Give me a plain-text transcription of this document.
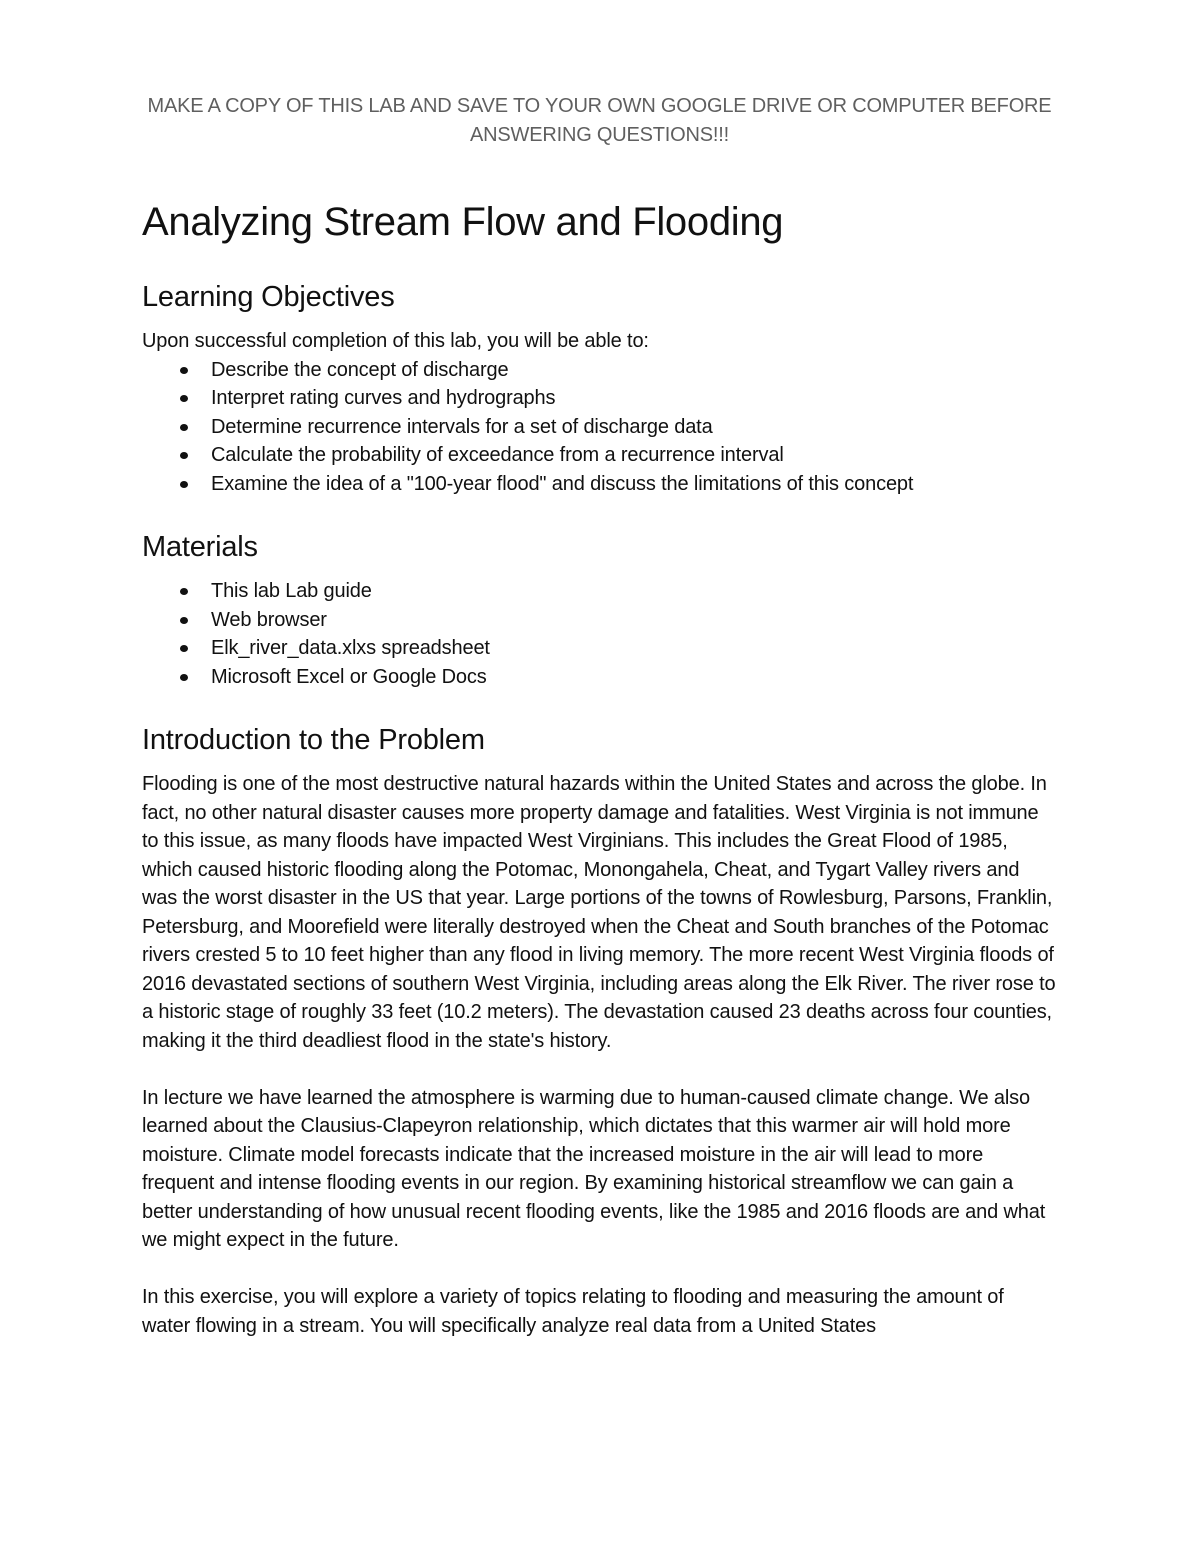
MAKE A COPY OF THIS LAB AND SAVE TO YOUR OWN GOOGLE DRIVE OR COMPUTER BEFORE ANSWERING QUESTIONS!!!

Analyzing Stream Flow and Flooding
Learning Objectives

Upon successful completion of this lab, you will be able to:

Describe the concept of discharge
Interpret rating curves and hydrographs
Determine recurrence intervals for a set of discharge data
Calculate the probability of exceedance from a recurrence interval
Examine the idea of a "100-year flood" and discuss the limitations of this concept
Materials
This lab Lab guide
Web browser
Elk_river_data.xlxs spreadsheet
Microsoft Excel or Google Docs
Introduction to the Problem

Flooding is one of the most destructive natural hazards within the United States and across the globe. In fact, no other natural disaster causes more property damage and fatalities. West Virginia is not immune to this issue, as many floods have impacted West Virginians. This includes the Great Flood of 1985, which caused historic flooding along the Potomac, Monongahela, Cheat, and Tygart Valley rivers and was the worst disaster in the US that year. Large portions of the towns of Rowlesburg, Parsons, Franklin, Petersburg, and Moorefield were literally destroyed when the Cheat and South branches of the Potomac rivers crested 5 to 10 feet higher than any flood in living memory. The more recent West Virginia floods of 2016 devastated sections of southern West Virginia, including areas along the Elk River. The river rose to a historic stage of roughly 33 feet (10.2 meters). The devastation caused 23 deaths across four counties, making it the third deadliest flood in the state's history.

In lecture we have learned the atmosphere is warming due to human-caused climate change. We also learned about the Clausius-Clapeyron relationship, which dictates that this warmer air will hold more moisture. Climate model forecasts indicate that the increased moisture in the air will lead to more frequent and intense flooding events in our region. By examining historical streamflow we can gain a better understanding of how unusual recent flooding events, like the 1985 and 2016 floods are and what we might expect in the future.

In this exercise, you will explore a variety of topics relating to flooding and measuring the amount of water flowing in a stream. You will specifically analyze real data from a United States
